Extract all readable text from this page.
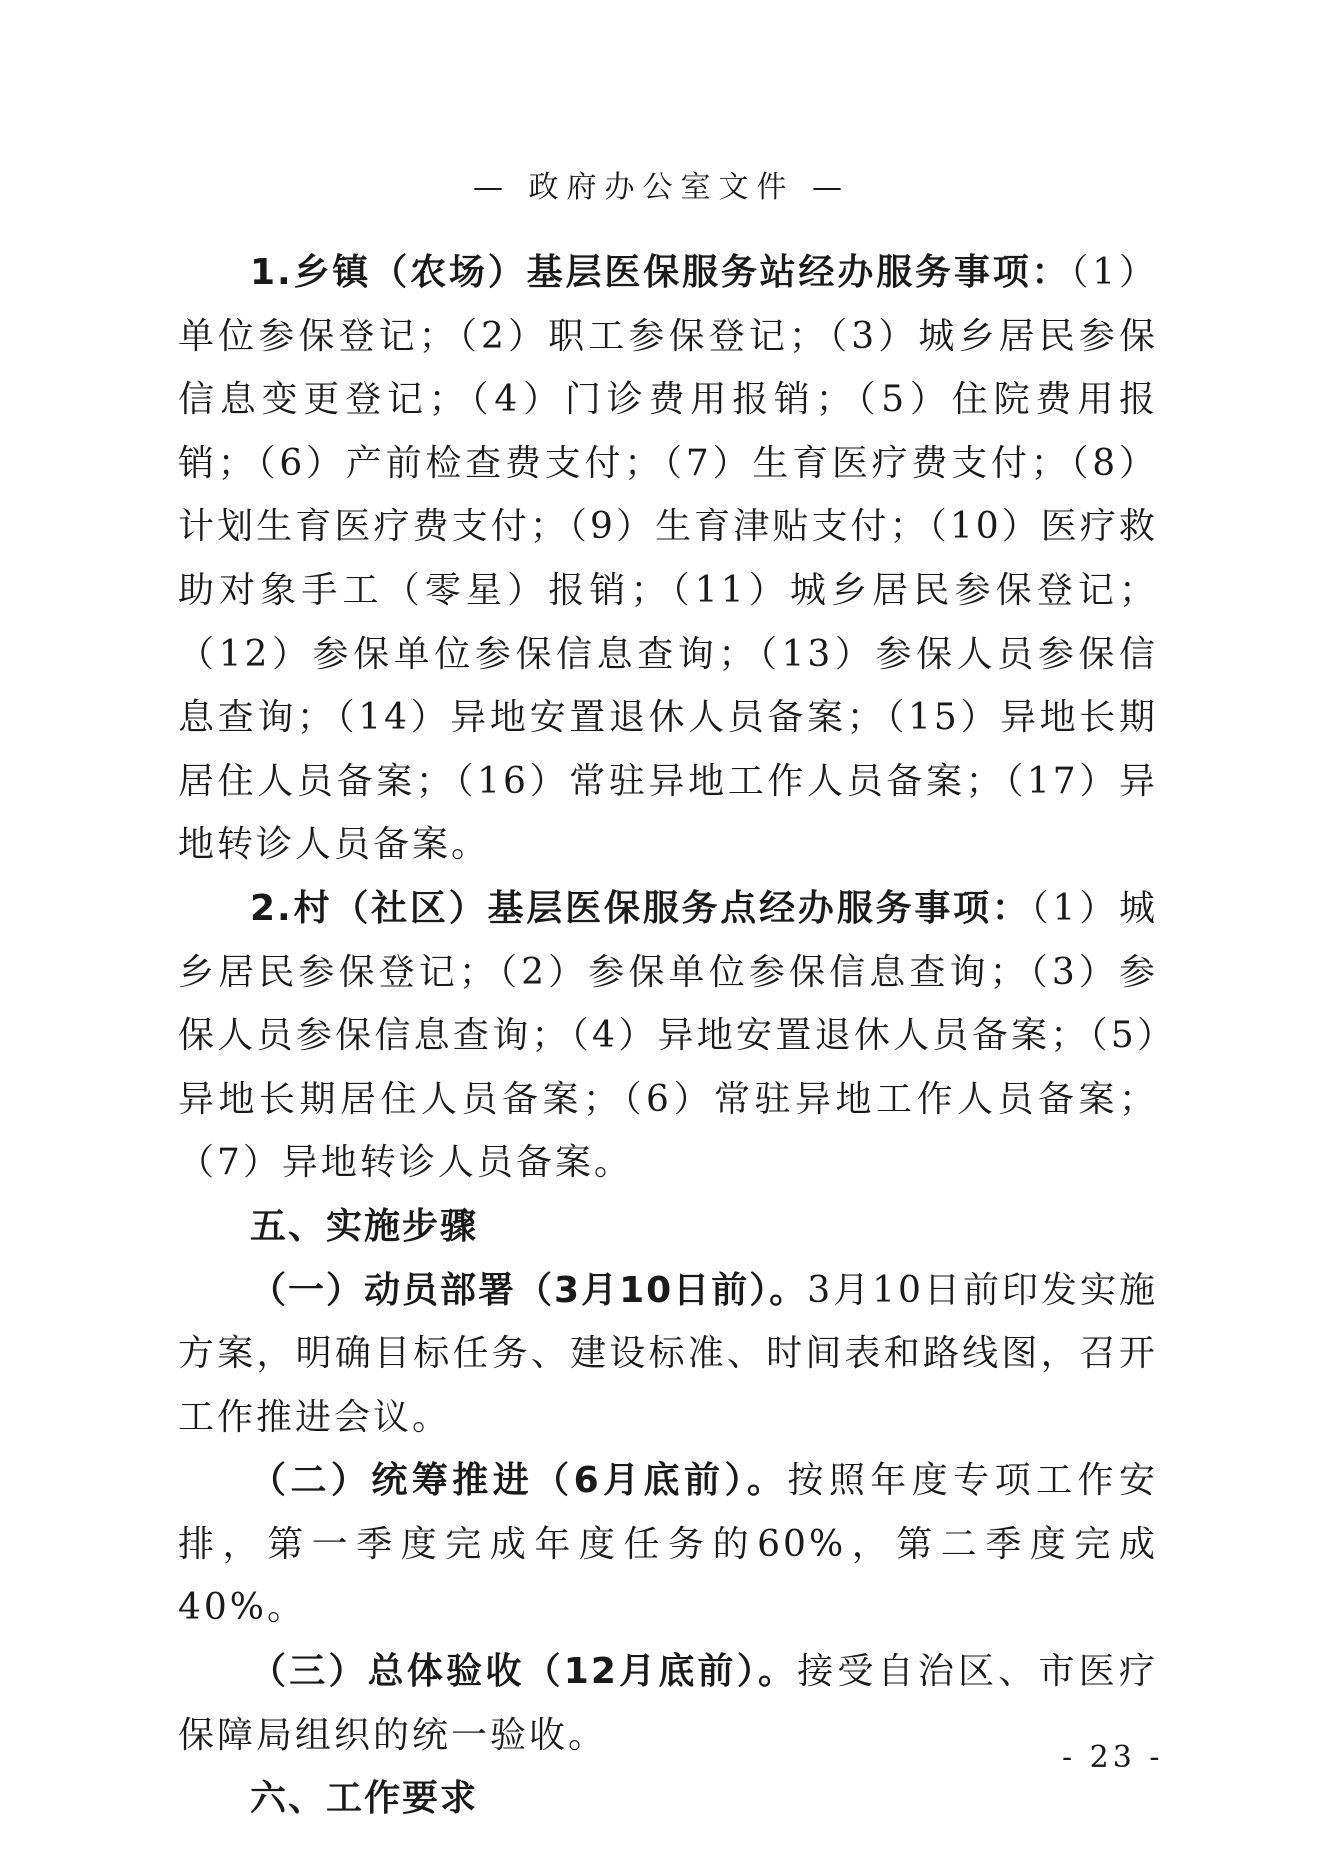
— 政府办公室文件 —

1.乡镇（农场）基层医保服务站经办服务事项：（1）单位参保登记；（2）职工参保登记；（3）城乡居民参保信息变更登记；（4）门诊费用报销；（5）住院费用报销；（6）产前检查费支付；（7）生育医疗费支付；（8）计划生育医疗费支付；（9）生育津贴支付；（10）医疗救助对象手工（零星）报销；（11）城乡居民参保登记；（12）参保单位参保信息查询；（13）参保人员参保信息查询；（14）异地安置退休人员备案；（15）异地长期居住人员备案；（16）常驻异地工作人员备案；（17）异地转诊人员备案。

2.村（社区）基层医保服务点经办服务事项：（1）城乡居民参保登记；（2）参保单位参保信息查询；（3）参保人员参保信息查询；（4）异地安置退休人员备案；（5）异地长期居住人员备案；（6）常驻异地工作人员备案；（7）异地转诊人员备案。

五、实施步骤

（一）动员部署（3月10日前）。3月10日前印发实施方案，明确目标任务、建设标准、时间表和路线图，召开工作推进会议。

（二）统筹推进（6月底前）。按照年度专项工作安排，第一季度完成年度任务的60%，第二季度完成40%。

（三）总体验收（12月底前）。接受自治区、市医疗保障局组织的统一验收。

六、工作要求

- 23 -
